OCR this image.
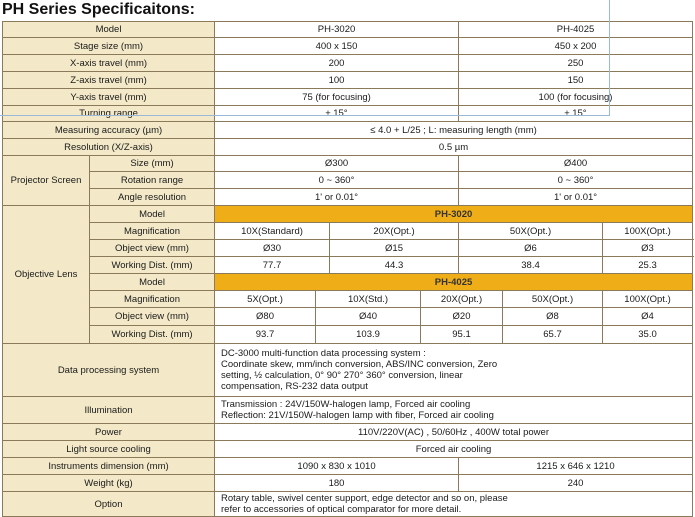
PH Series Specificaitons:
Model		PH-3020				PH-4025		
Stage size (mm)		400 x 150				450 x 200		
X-axis travel (mm)		200				250		
Z-axis travel (mm)		100				150		
Y-axis travel (mm)		75 (for focusing)				100 (for focusing)		
Turning range		± 15°				± 15°		
Measuring accuracy (µm)		≤ 4.0 + L/25 ; L: measuring length (mm)						
Resolution (X/Z-axis)		0.5 µm						
Projector Screen	Size (mm)	Ø300				Ø400		
	Rotation range	0 ~ 360°				0 ~ 360°		
	Angle resolution	1' or 0.01°				1' or 0.01°		
Objective Lens	Model	PH-3020						
	Magnification	10X(Standard)		20X(Opt.)		50X(Opt.)		100X(Opt.)
	Object view (mm)	Ø30		Ø15		Ø6		Ø3
	Working Dist. (mm)	77.7		44.3		38.4		25.3
	Model	PH-4025						
	Magnification	5X(Opt.)	10X(Std.)		20X(Opt.)		50X(Opt.)	100X(Opt.)
	Object view (mm)	Ø80	Ø40		Ø20		Ø8	Ø4
	Working Dist. (mm)	93.7	103.9		95.1		65.7	35.0
Data processing system		DC-3000 multi-function data processing system :
Coordinate skew, mm/inch conversion, ABS/INC conversion, Zero
setting, ½ calculation, 0° 90° 270° 360° conversion, linear
compensation, RS-232 data output						

Illumination		Transmission : 24V/150W-halogen lamp, Forced air cooling
Reflection: 21V/150W-halogen lamp with fiber, Forced air cooling						

Power		110V/220V(AC) , 50/60Hz , 400W total power						
Light source cooling		Forced air cooling						
Instruments dimension (mm)		1090 x 830 x 1010				1215 x 646 x 1210		
Weight (kg)		180				240		
Option		Rotary table, swivel center support, edge detector and so on, please
refer to accessories of optical comparator for more detail.						
